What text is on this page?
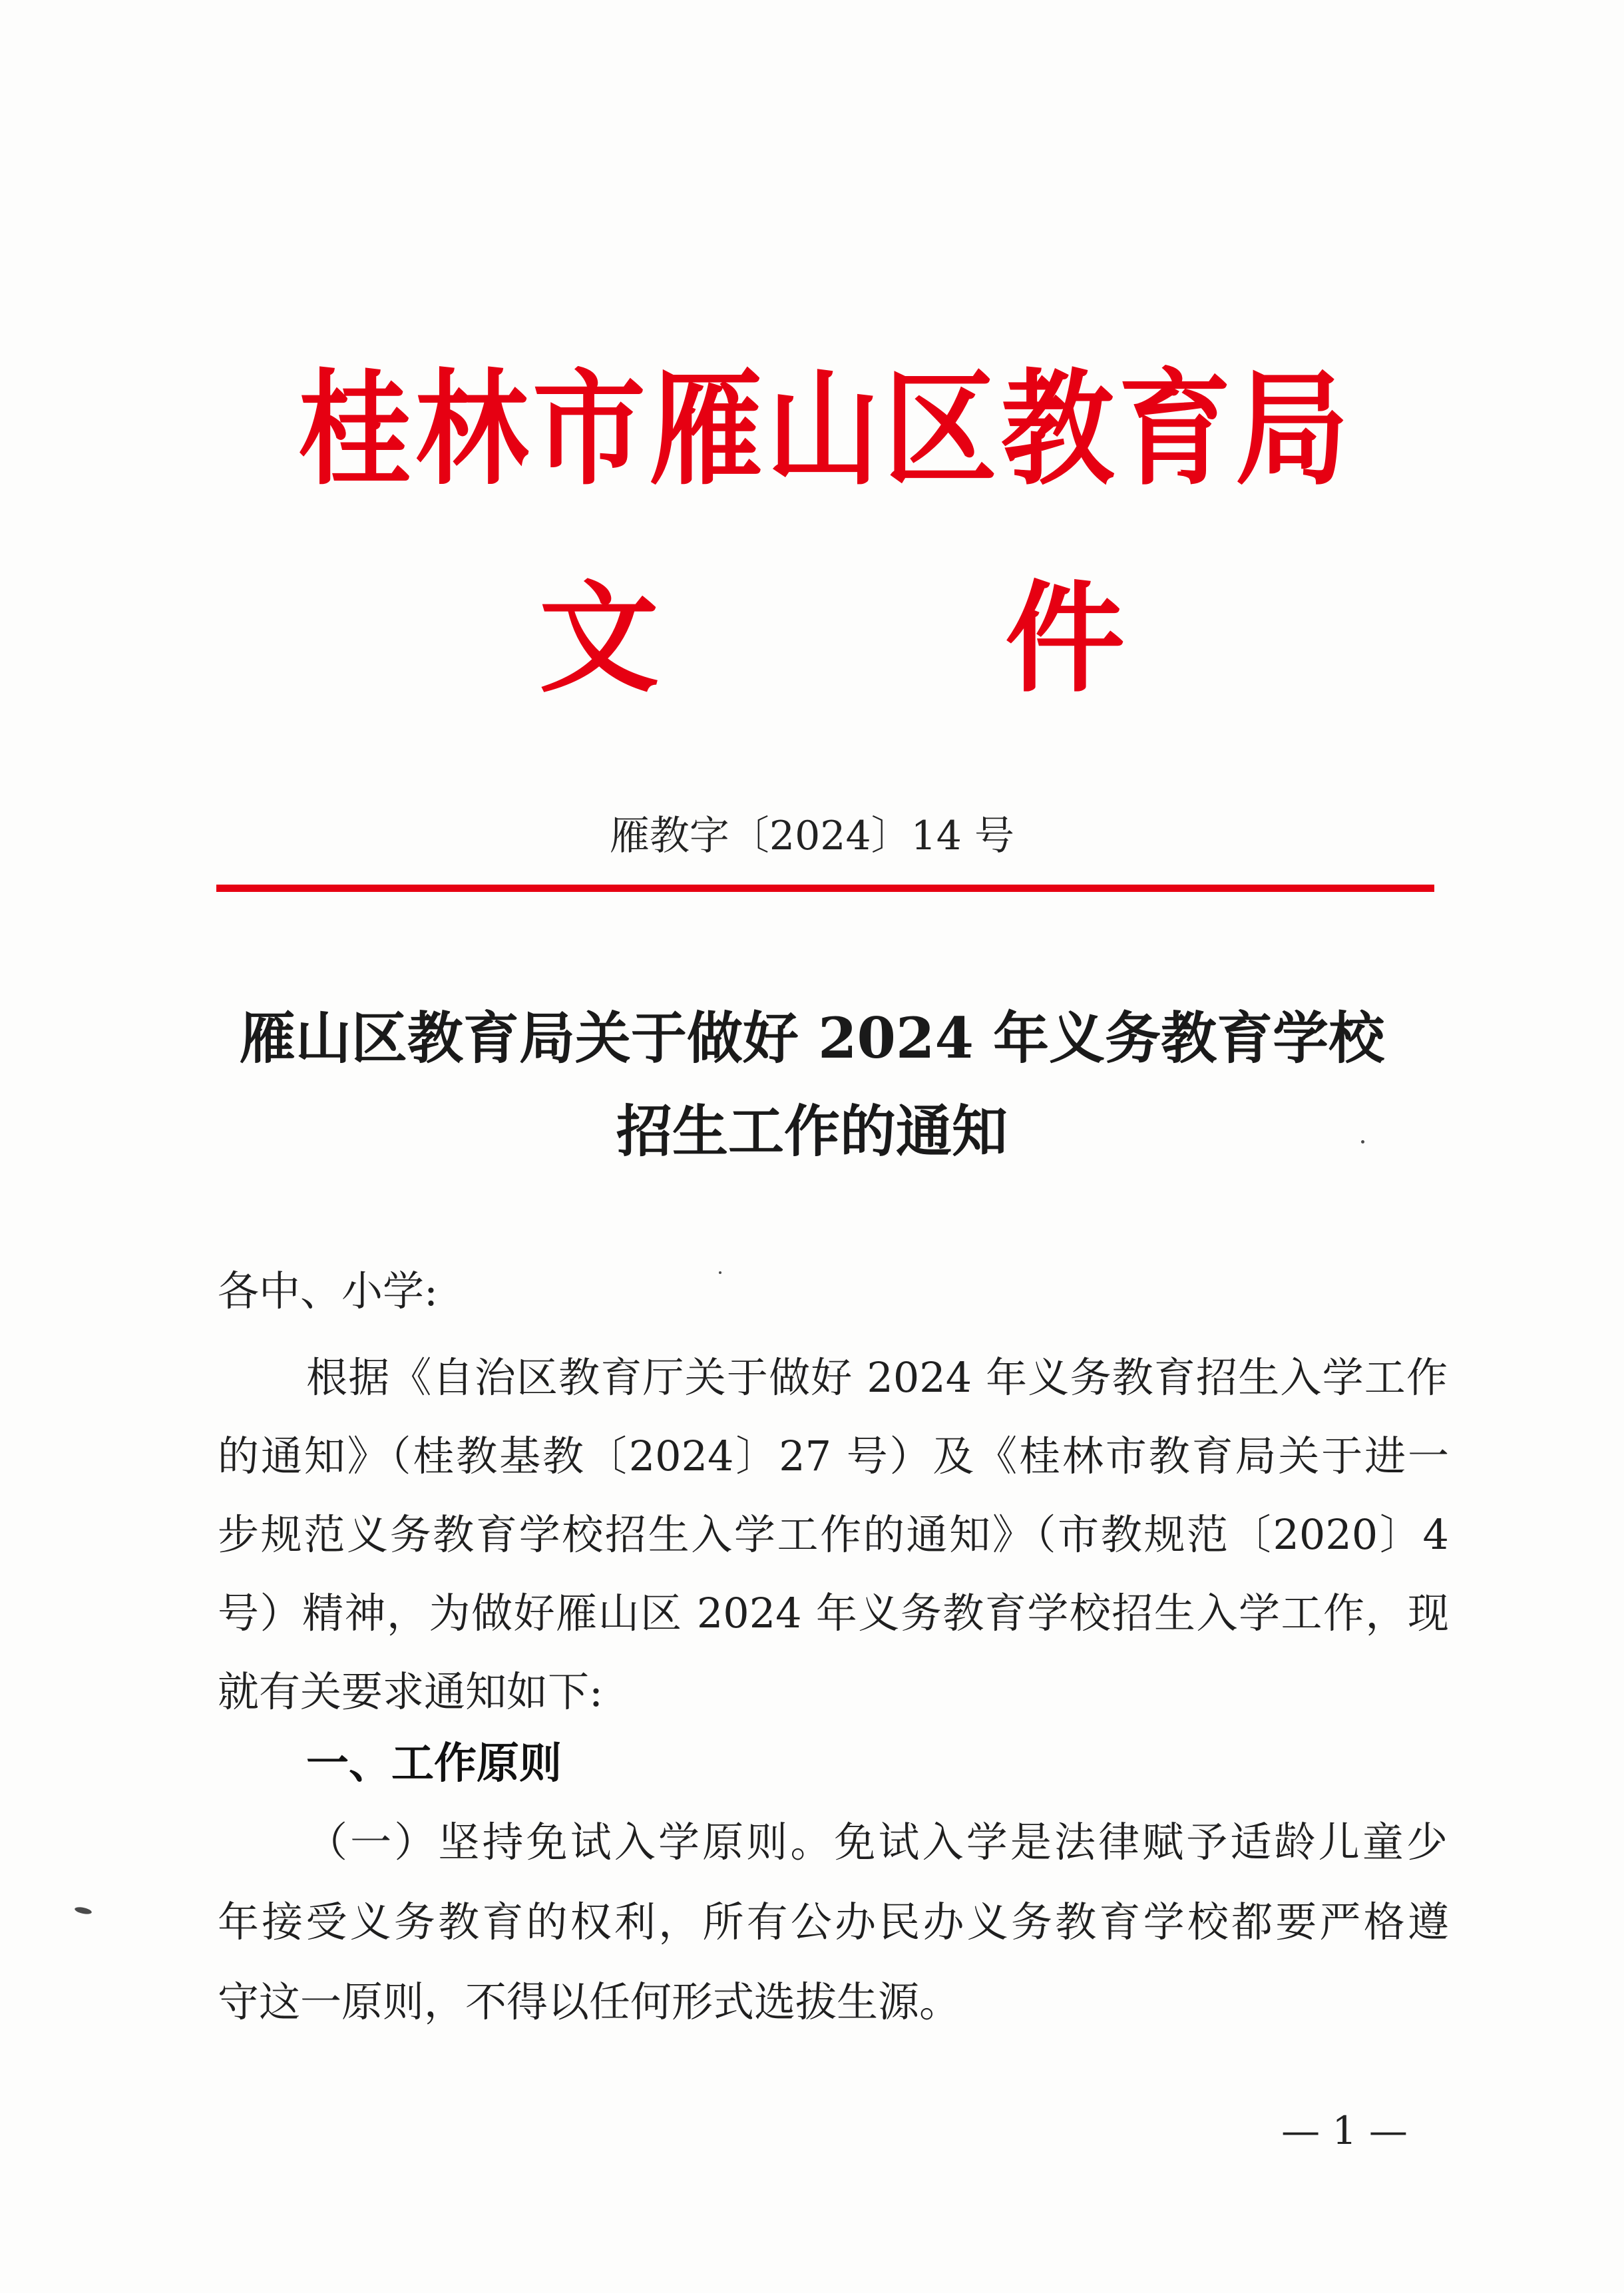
桂林市雁山区教育局
文	件
雁教字〔2024〕14 号
雁山区教育局关于做好 2024 年义务教育学校
招生工作的通知
各中、小学:
根据《自治区教育厅关于做好 2024 年义务教育招生入学工作
的通知》（桂教基教〔2024〕27 号）及《桂林市教育局关于进一
步规范义务教育学校招生入学工作的通知》（市教规范〔2020〕4
号）精神，为做好雁山区 2024 年义务教育学校招生入学工作，现
就有关要求通知如下:
一、工作原则
（一）坚持免试入学原则。免试入学是法律赋予适龄儿童少
年接受义务教育的权利，所有公办民办义务教育学校都要严格遵
守这一原则，不得以任何形式选拔生源。
— 1 —
